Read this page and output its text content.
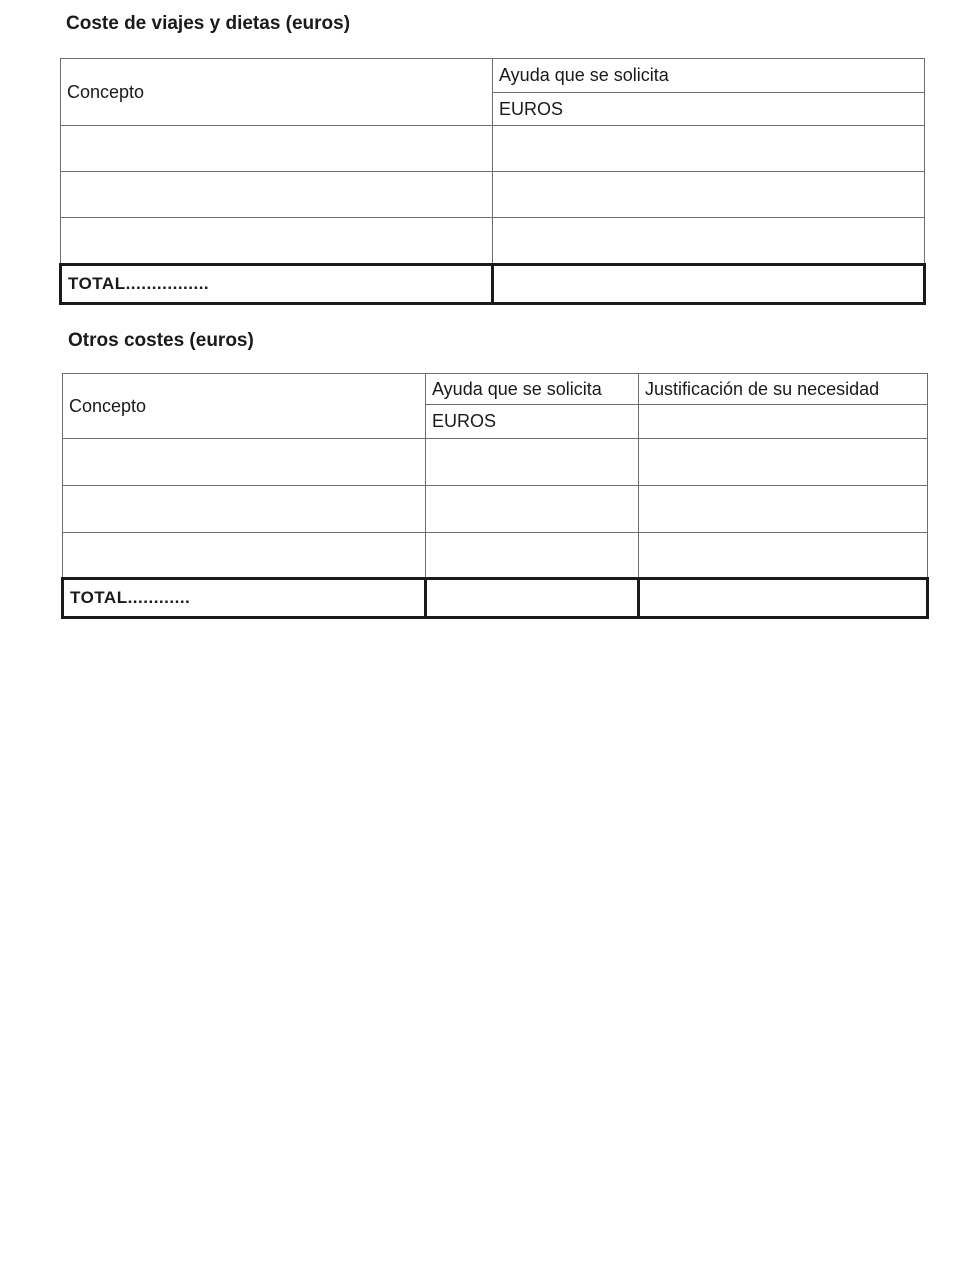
Coste de viajes y dietas (euros)
Concepto	Ayuda que se solicita
	EUROS

TOTAL................	
Otros costes (euros)
Concepto	Ayuda que se solicita	Justificación de su necesidad
	EUROS	

TOTAL............		
